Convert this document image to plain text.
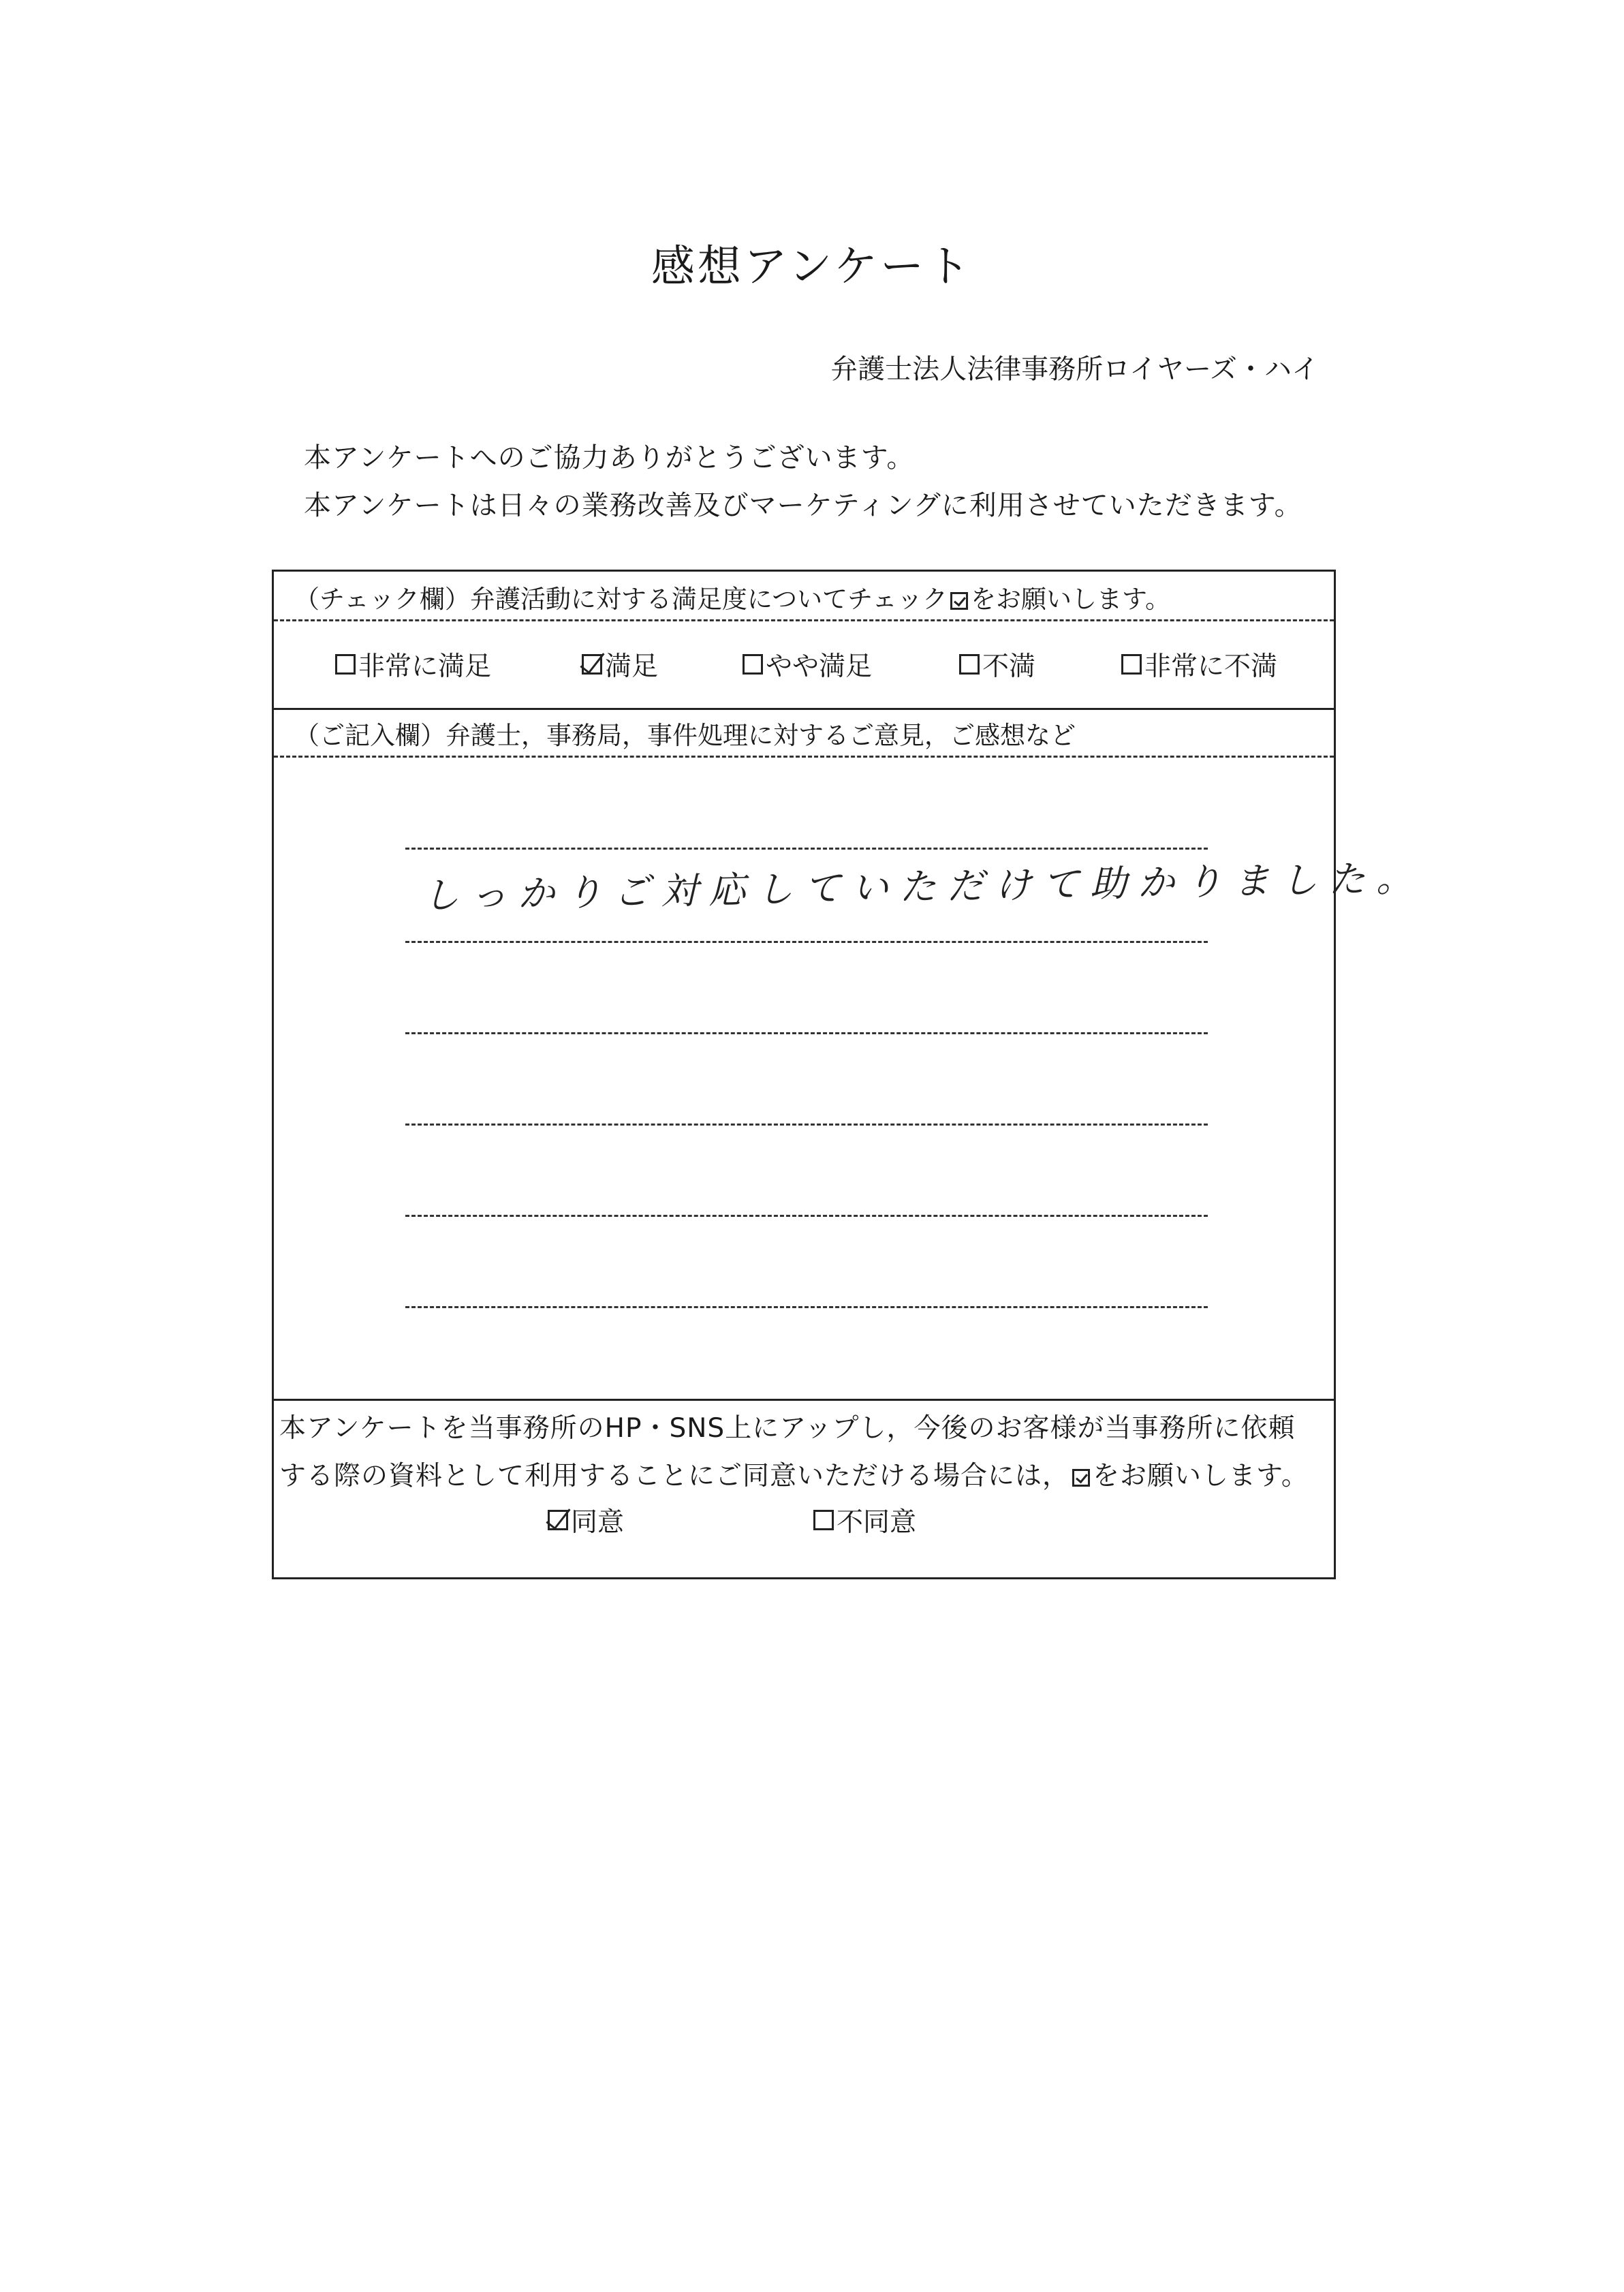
感想アンケート
弁護士法人法律事務所ロイヤーズ・ハイ
本アンケートへのご協力ありがとうございます。
本アンケートは日々の業務改善及びマーケティングに利用させていただきます。
（チェック欄）弁護活動に対する満足度についてチェック をお願いします。
非常に満足	満足	やや満足	不満	非常に不満
（ご記入欄）弁護士，事務局，事件処理に対するご意見，ご感想など
しっかりご対応していただけて助かりました。
本アンケートを当事務所のHP・SNS上にアップし，今後のお客様が当事務所に依頼
する際の資料として利用することにご同意いただける場合には， をお願いします。
同意	不同意
